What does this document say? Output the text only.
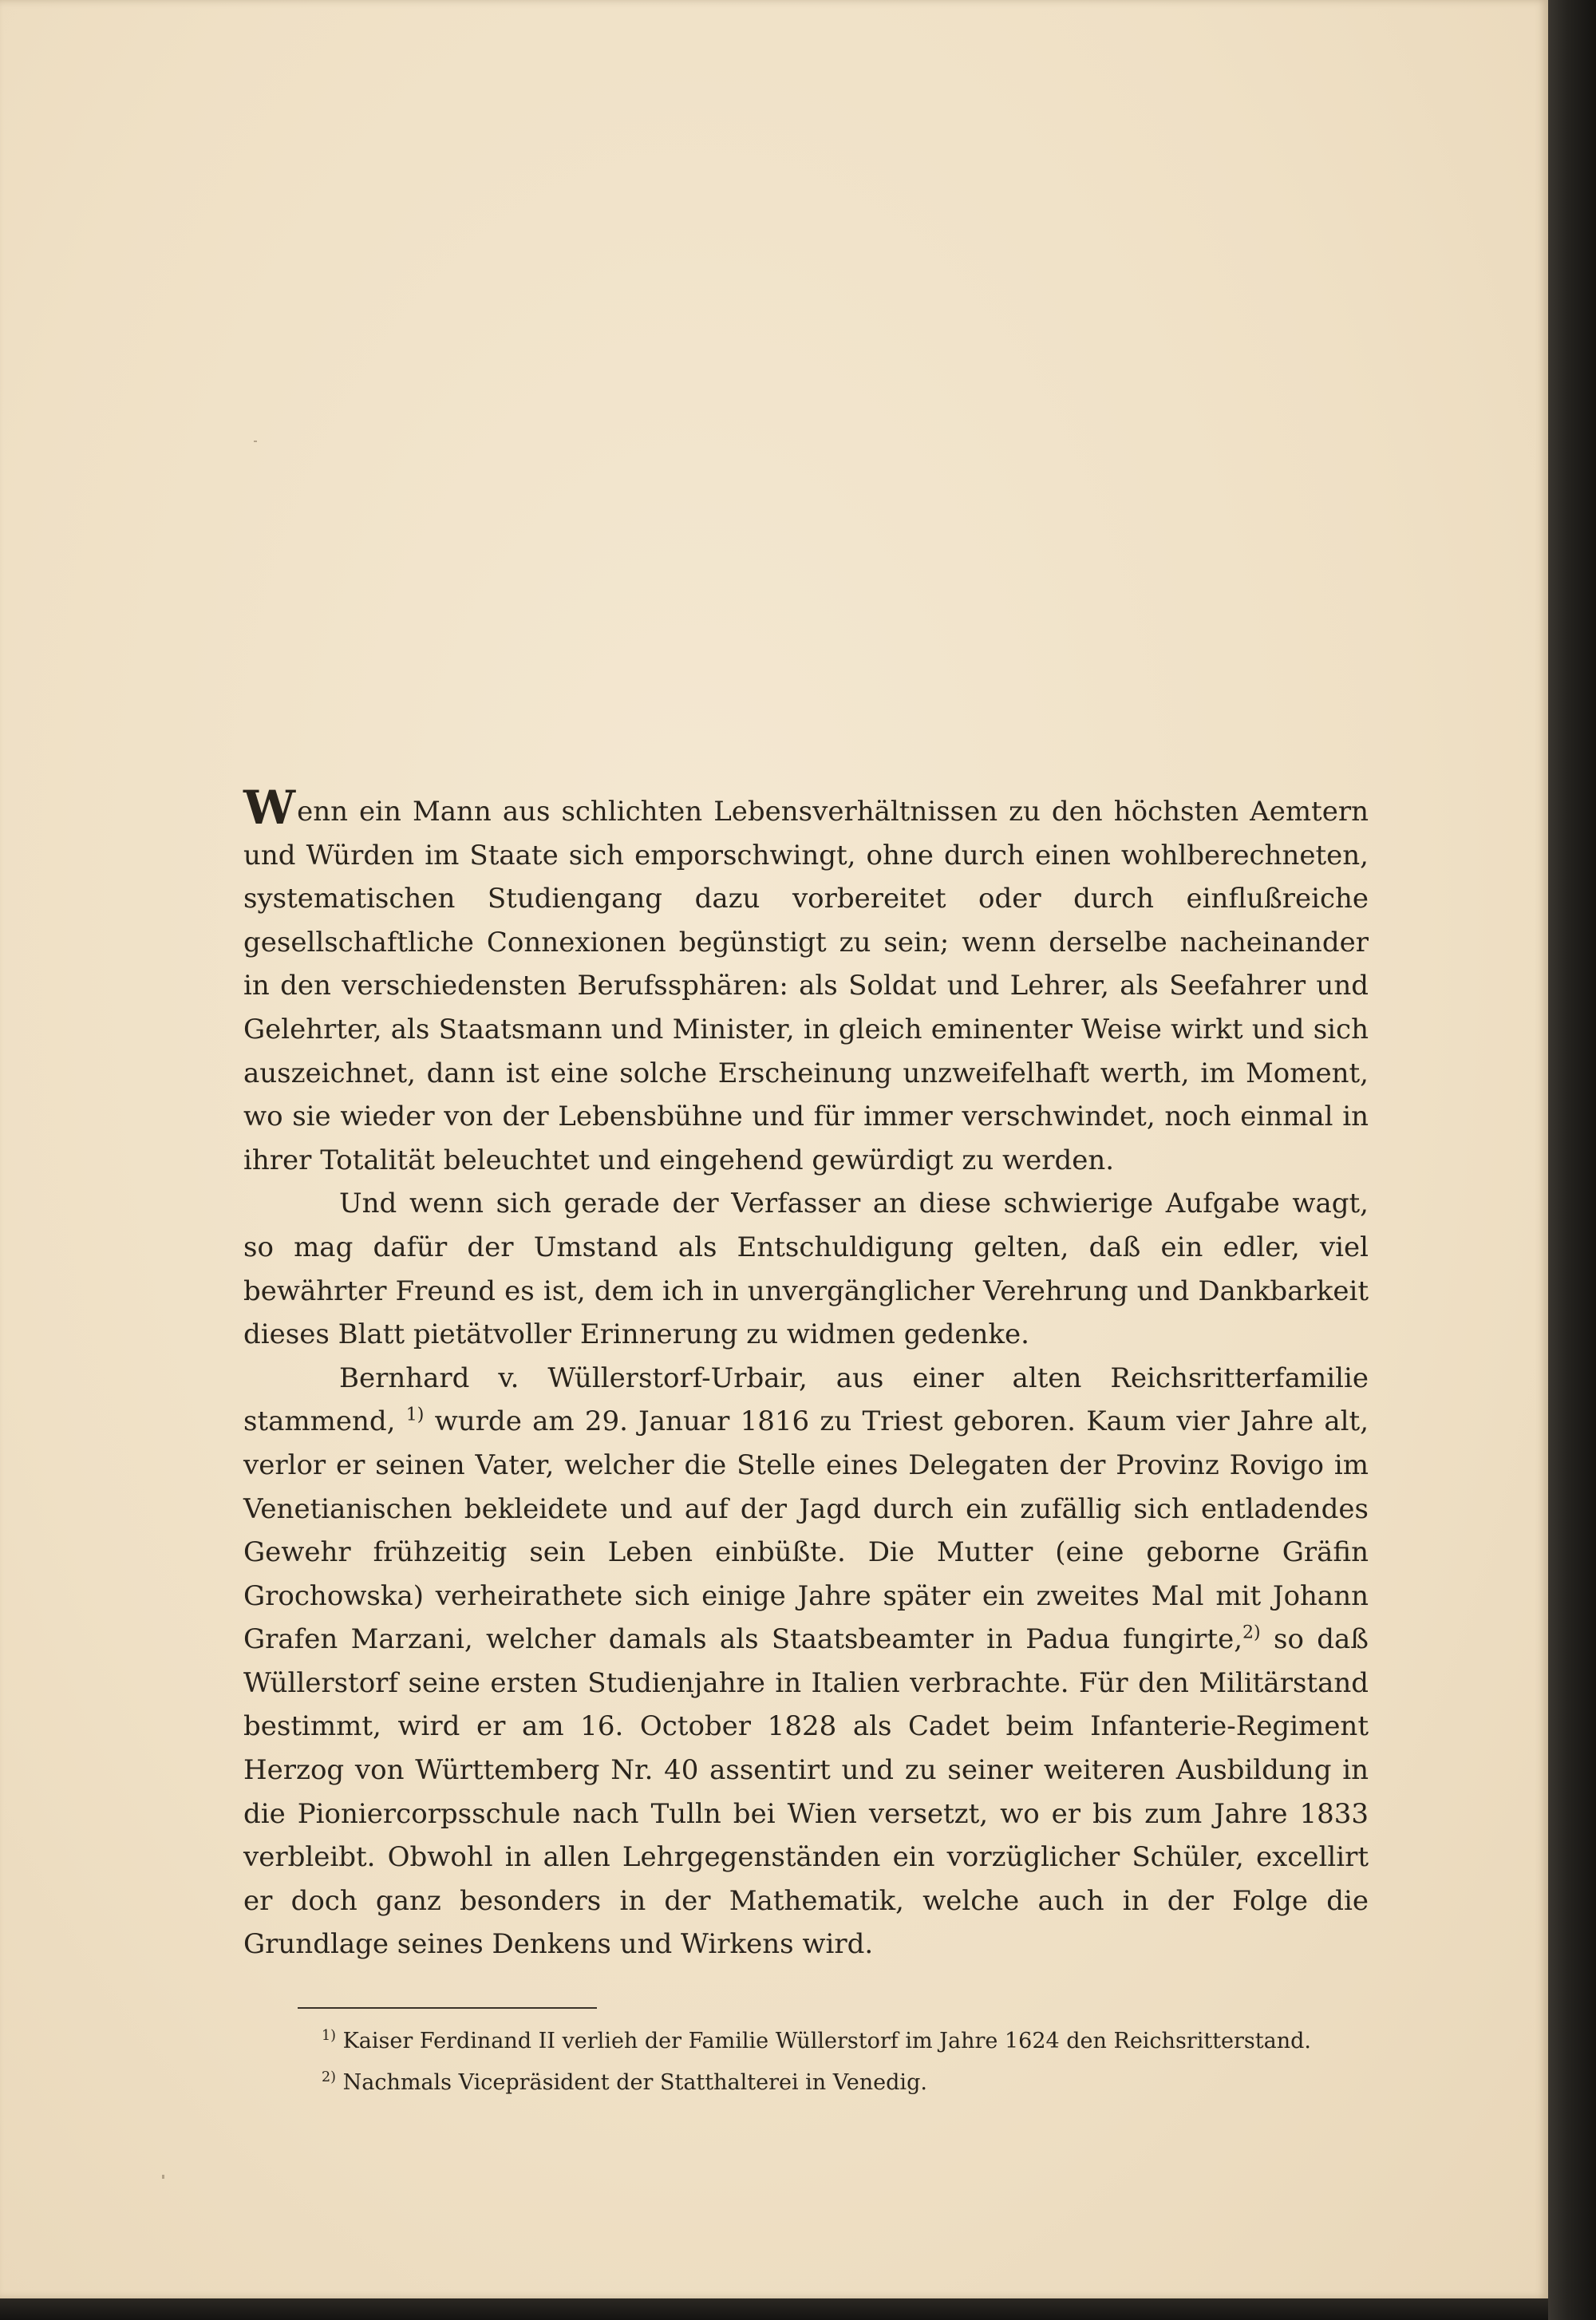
Wenn ein Mann aus schlichten Lebensverhältnissen zu den höchsten Aemtern und Würden im Staate sich emporschwingt, ohne durch einen wohlberechneten, systematischen Studiengang dazu vorbereitet oder durch einflußreiche gesellschaftliche Connexionen begünstigt zu sein; wenn derselbe nacheinander in den verschiedensten Berufssphären: als Soldat und Lehrer, als Seefahrer und Gelehrter, als Staatsmann und Minister, in gleich eminenter Weise wirkt und sich auszeichnet, dann ist eine solche Erscheinung unzweifelhaft werth, im Moment, wo sie wieder von der Lebensbühne und für immer verschwindet, noch einmal in ihrer Totalität beleuchtet und eingehend gewürdigt zu werden.

Und wenn sich gerade der Verfasser an diese schwierige Aufgabe wagt, so mag dafür der Umstand als Entschuldigung gelten, daß ein edler, viel bewährter Freund es ist, dem ich in unvergänglicher Verehrung und Dankbarkeit dieses Blatt pietätvoller Erinnerung zu widmen gedenke.

Bernhard v. Wüllerstorf-Urbair, aus einer alten Reichsritterfamilie stammend, $^{1)}$ wurde am 29. Januar 1816 zu Triest geboren. Kaum vier Jahre alt, verlor er seinen Vater, welcher die Stelle eines Delegaten der Provinz Rovigo im Venetianischen bekleidete und auf der Jagd durch ein zufällig sich entladendes Gewehr frühzeitig sein Leben einbüßte. Die Mutter (eine geborne Gräfin Grochowska) verheirathete sich einige Jahre später ein zweites Mal mit Johann Grafen Marzani, welcher damals als Staatsbeamter in Padua fungirte,$^{2)}$ so daß Wüllerstorf seine ersten Studienjahre in Italien verbrachte. Für den Militärstand bestimmt, wird er am 16. October 1828 als Cadet beim Infanterie-Regiment Herzog von Württemberg Nr. 40 assentirt und zu seiner weiteren Ausbildung in die Pioniercorpsschule nach Tulln bei Wien versetzt, wo er bis zum Jahre 1833 verbleibt. Obwohl in allen Lehrgegenständen ein vorzüglicher Schüler, excellirt er doch ganz besonders in der Mathematik, welche auch in der Folge die Grundlage seines Denkens und Wirkens wird.

$^{1)}$ Kaiser Ferdinand II verlieh der Familie Wüllerstorf im Jahre 1624 den Reichsritterstand.

$^{2)}$ Nachmals Vicepräsident der Statthalterei in Venedig.
